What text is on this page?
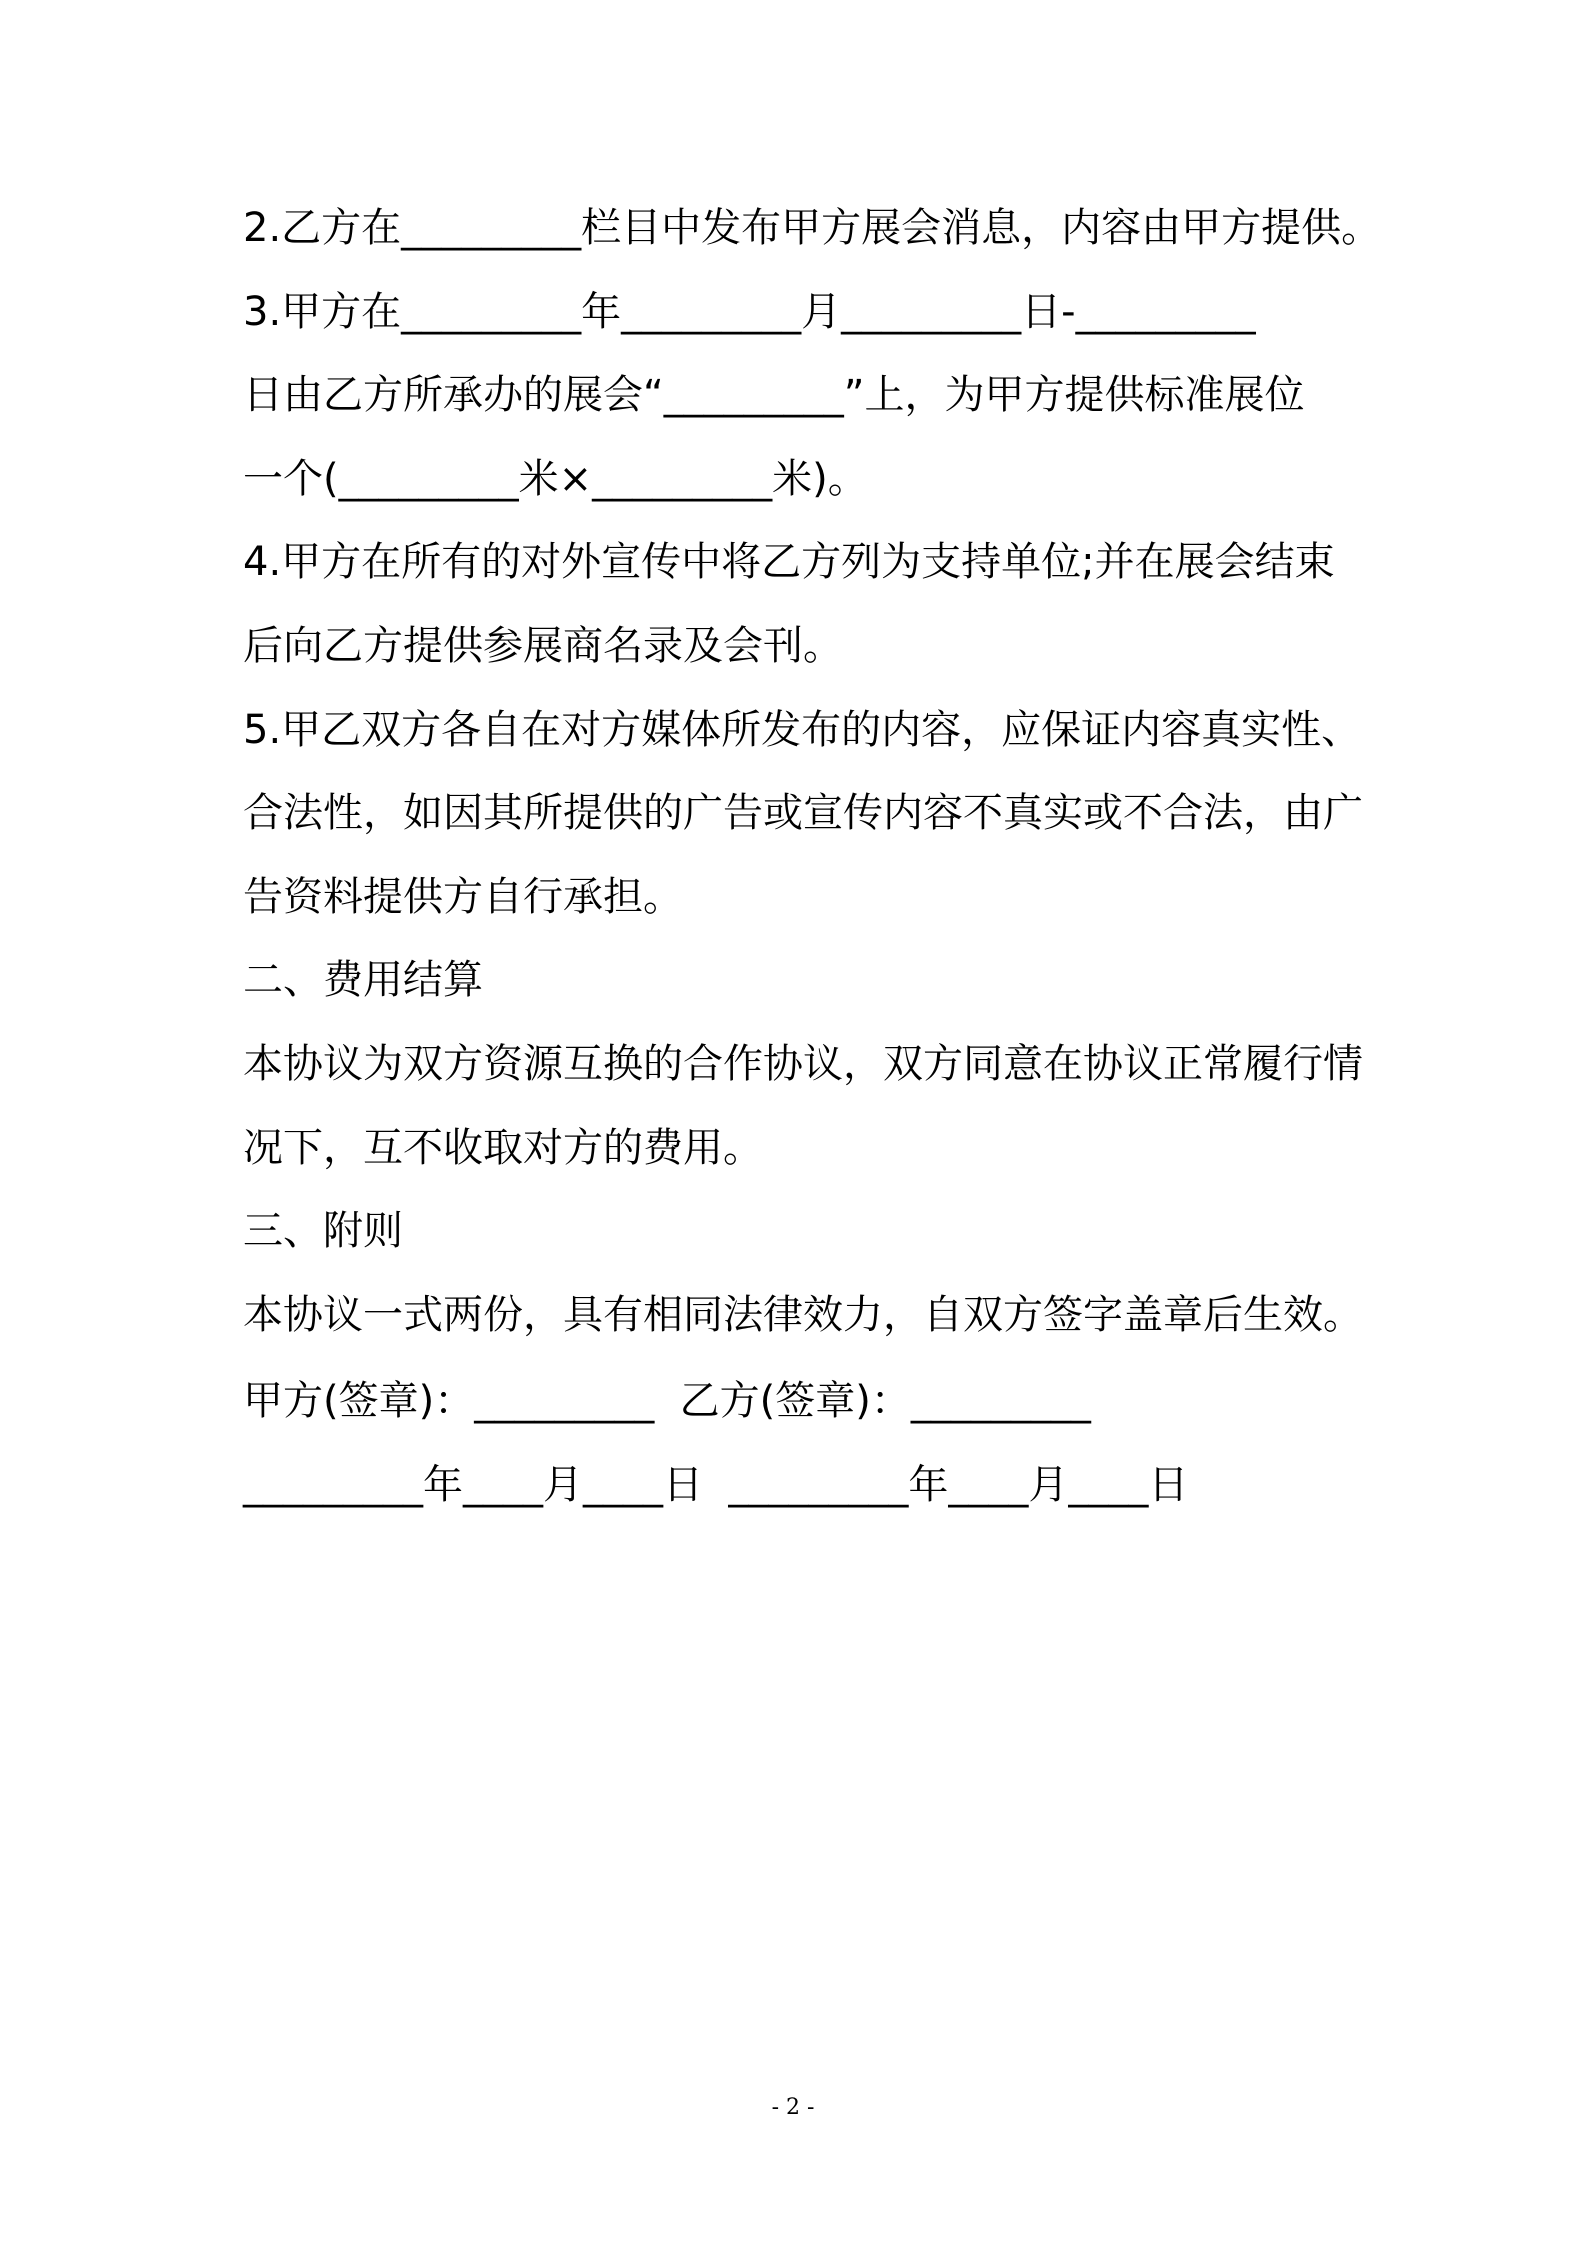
2.乙方在_________栏目中发布甲方展会消息，内容由甲方提供。
3.甲方在_________年_________月_________日-_________
日由乙方所承办的展会“_________”上，为甲方提供标准展位
一个(_________米×_________米)。
4.甲方在所有的对外宣传中将乙方列为支持单位;并在展会结束
后向乙方提供参展商名录及会刊。
5.甲乙双方各自在对方媒体所发布的内容，应保证内容真实性、
合法性，如因其所提供的广告或宣传内容不真实或不合法，由广
告资料提供方自行承担。
二、费用结算
本协议为双方资源互换的合作协议，双方同意在协议正常履行情
况下，互不收取对方的费用。
三、附则
本协议一式两份，具有相同法律效力，自双方签字盖章后生效。
甲方(签章)：_________  乙方(签章)：_________
_________年____月____日  _________年____月____日
- 2 -
